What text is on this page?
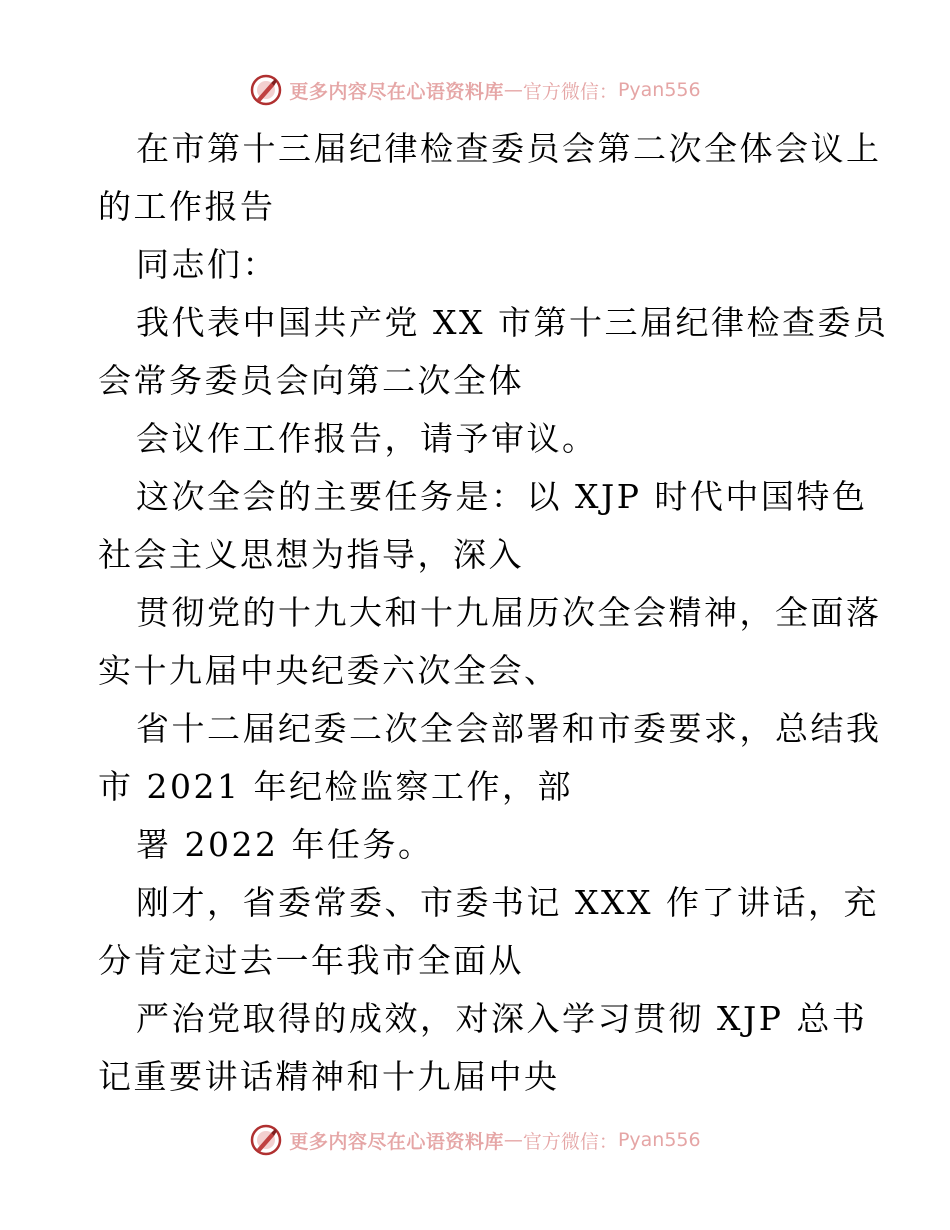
更多内容尽在心语资料库 — 官方微信： Pyan556
在市第十三届纪律检查委员会第二次全体会议上
的工作报告
同志们：
我代表中国共产党 XX 市第十三届纪律检查委员
会常务委员会向第二次全体
会议作工作报告，请予审议。
这次全会的主要任务是：以 XJP 时代中国特色
社会主义思想为指导，深入
贯彻党的十九大和十九届历次全会精神，全面落
实十九届中央纪委六次全会、
省十二届纪委二次全会部署和市委要求，总结我
市 2021 年纪检监察工作，部
署 2022 年任务。
刚才，省委常委、市委书记 XXX 作了讲话，充
分肯定过去一年我市全面从
严治党取得的成效，对深入学习贯彻 XJP 总书
记重要讲话精神和十九届中央
更多内容尽在心语资料库 — 官方微信： Pyan556
